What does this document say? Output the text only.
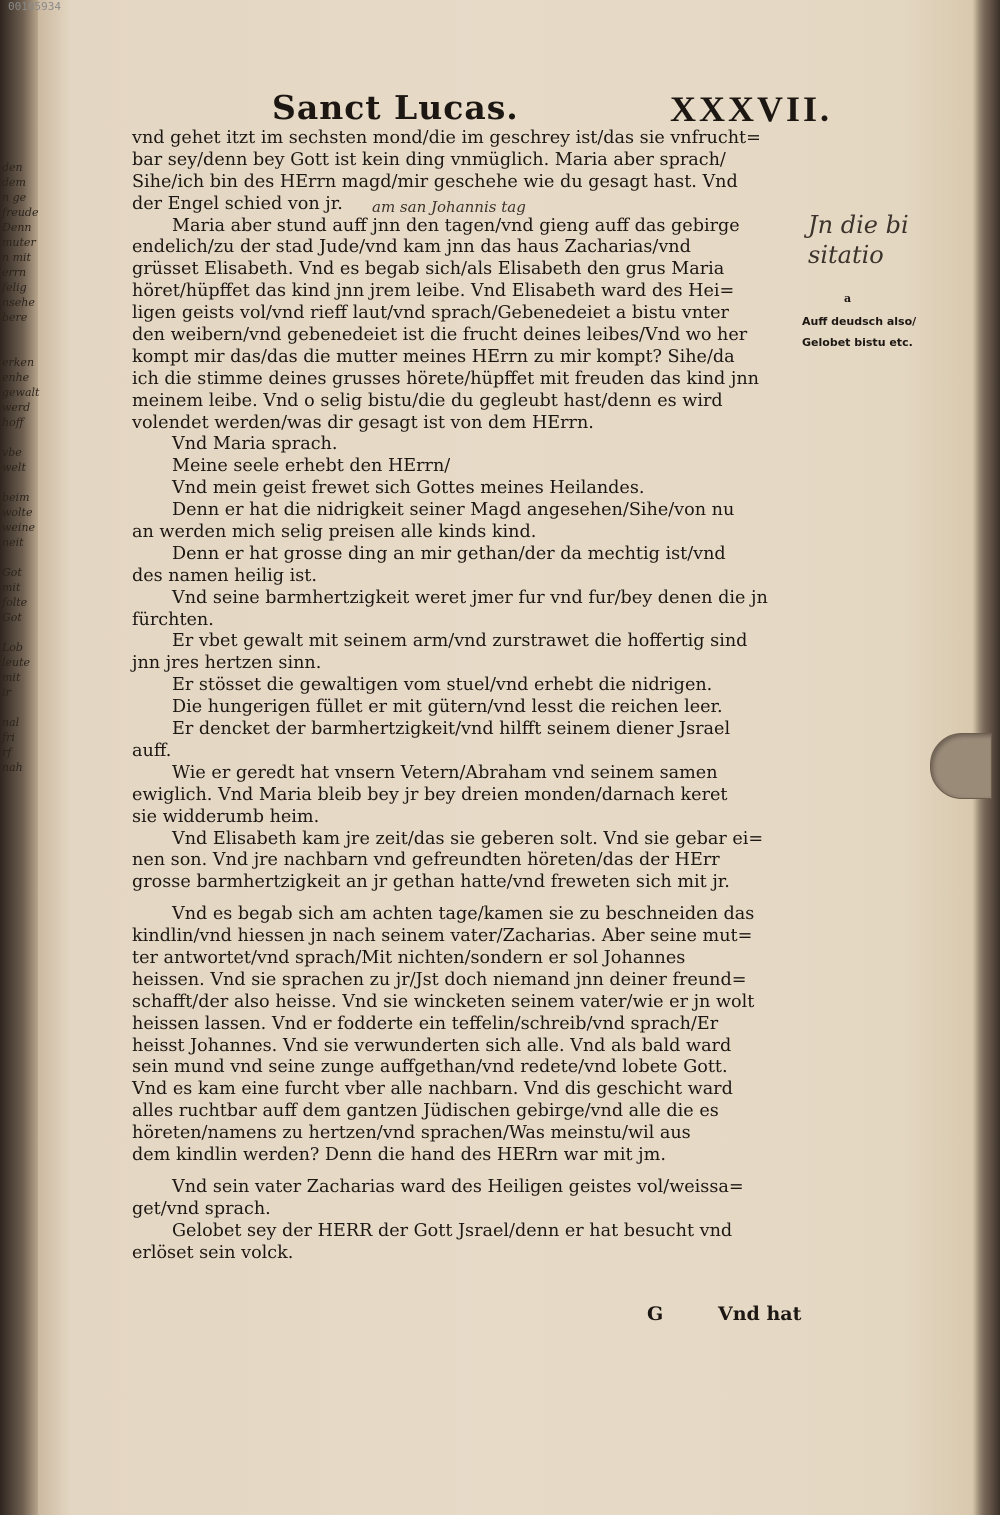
den
dem
n ge
freude
Denn
muter
n mit
errn
felig
nsehe
bere

erken
enhe
gewalt
werd
hoff

vbe
welt

beim
wolte
weine
neit

Got
mit
folte
Got

Lob
leute
mit
ir

nal
fri
rf
nah
00105934
Sanct Lucas.	XXXVII.
vnd gehet itzt im sechsten mond/die im geschrey ist/das sie vnfrucht=
bar sey/denn bey Gott ist kein ding vnmüglich. Maria aber sprach/
Sihe/ich bin des HErrn magd/mir geschehe wie du gesagt hast. Vnd
der Engel schied von jr.
Maria aber stund auff jnn den tagen/vnd gieng auff das gebirge
endelich/zu der stad Jude/vnd kam jnn das haus Zacharias/vnd
grüsset Elisabeth. Vnd es begab sich/als Elisabeth den grus Maria
höret/hüpffet das kind jnn jrem leibe. Vnd Elisabeth ward des Hei=
ligen geists vol/vnd rieff laut/vnd sprach/Gebenedeiet a bistu vnter
den weibern/vnd gebenedeiet ist die frucht deines leibes/Vnd wo her
kompt mir das/das die mutter meines HErrn zu mir kompt? Sihe/da
ich die stimme deines grusses hörete/hüpffet mit freuden das kind jnn
meinem leibe. Vnd o selig bistu/die du gegleubt hast/denn es wird
volendet werden/was dir gesagt ist von dem HErrn.
Vnd Maria sprach.
Meine seele erhebt den HErrn/
Vnd mein geist frewet sich Gottes meines Heilandes.
Denn er hat die nidrigkeit seiner Magd angesehen/Sihe/von nu
an werden mich selig preisen alle kinds kind.
Denn er hat grosse ding an mir gethan/der da mechtig ist/vnd
des namen heilig ist.
Vnd seine barmhertzigkeit weret jmer fur vnd fur/bey denen die jn
fürchten.
Er vbet gewalt mit seinem arm/vnd zurstrawet die hoffertig sind
jnn jres hertzen sinn.
Er stösset die gewaltigen vom stuel/vnd erhebt die nidrigen.
Die hungerigen füllet er mit gütern/vnd lesst die reichen leer.
Er dencket der barmhertzigkeit/vnd hilfft seinem diener Jsrael
auff.
Wie er geredt hat vnsern Vetern/Abraham vnd seinem samen
ewiglich. Vnd Maria bleib bey jr bey dreien monden/darnach keret
sie widderumb heim.
Vnd Elisabeth kam jre zeit/das sie geberen solt. Vnd sie gebar ei=
nen son. Vnd jre nachbarn vnd gefreundten höreten/das der HErr
grosse barmhertzigkeit an jr gethan hatte/vnd freweten sich mit jr.
Vnd es begab sich am achten tage/kamen sie zu beschneiden das
kindlin/vnd hiessen jn nach seinem vater/Zacharias. Aber seine mut=
ter antwortet/vnd sprach/Mit nichten/sondern er sol Johannes
heissen. Vnd sie sprachen zu jr/Jst doch niemand jnn deiner freund=
schafft/der also heisse. Vnd sie wincketen seinem vater/wie er jn wolt
heissen lassen. Vnd er fodderte ein teffelin/schreib/vnd sprach/Er
heisst Johannes. Vnd sie verwunderten sich alle. Vnd als bald ward
sein mund vnd seine zunge auffgethan/vnd redete/vnd lobete Gott.
Vnd es kam eine furcht vber alle nachbarn. Vnd dis geschicht ward
alles ruchtbar auff dem gantzen Jüdischen gebirge/vnd alle die es
höreten/namens zu hertzen/vnd sprachen/Was meinstu/wil aus
dem kindlin werden? Denn die hand des HERrn war mit jm.
Vnd sein vater Zacharias ward des Heiligen geistes vol/weissa=
get/vnd sprach.
Gelobet sey der HERR der Gott Jsrael/denn er hat besucht vnd
erlöset sein volck.
am san Johannis tag
Jn die bi
sitatio
a
Auff deudsch also/
Gelobet bistu etc.
G	Vnd hat
